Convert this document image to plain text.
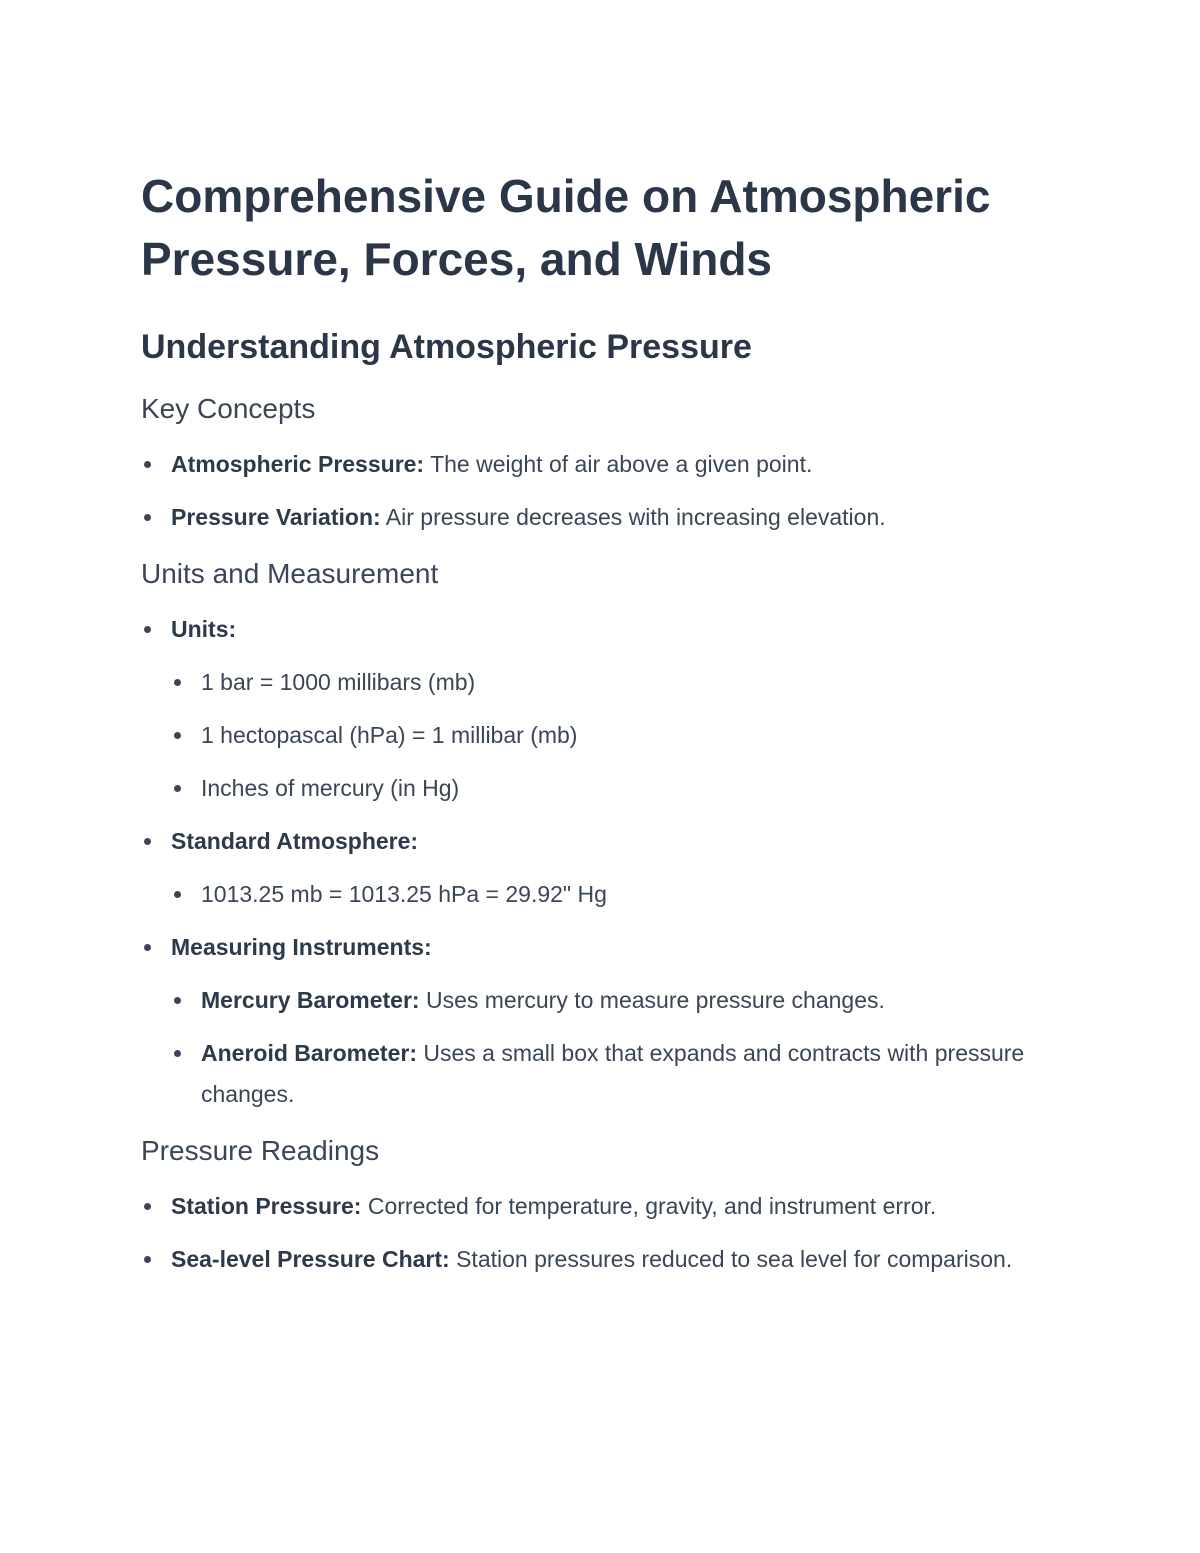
Comprehensive Guide on Atmospheric Pressure, Forces, and Winds
Understanding Atmospheric Pressure
Key Concepts
Atmospheric Pressure: The weight of air above a given point.
Pressure Variation: Air pressure decreases with increasing elevation.
Units and Measurement
Units:
1 bar = 1000 millibars (mb)
1 hectopascal (hPa) = 1 millibar (mb)
Inches of mercury (in Hg)
Standard Atmosphere:
1013.25 mb = 1013.25 hPa = 29.92" Hg
Measuring Instruments:
Mercury Barometer: Uses mercury to measure pressure changes.
Aneroid Barometer: Uses a small box that expands and contracts with pressure changes.
Pressure Readings
Station Pressure: Corrected for temperature, gravity, and instrument error.
Sea-level Pressure Chart: Station pressures reduced to sea level for comparison.
